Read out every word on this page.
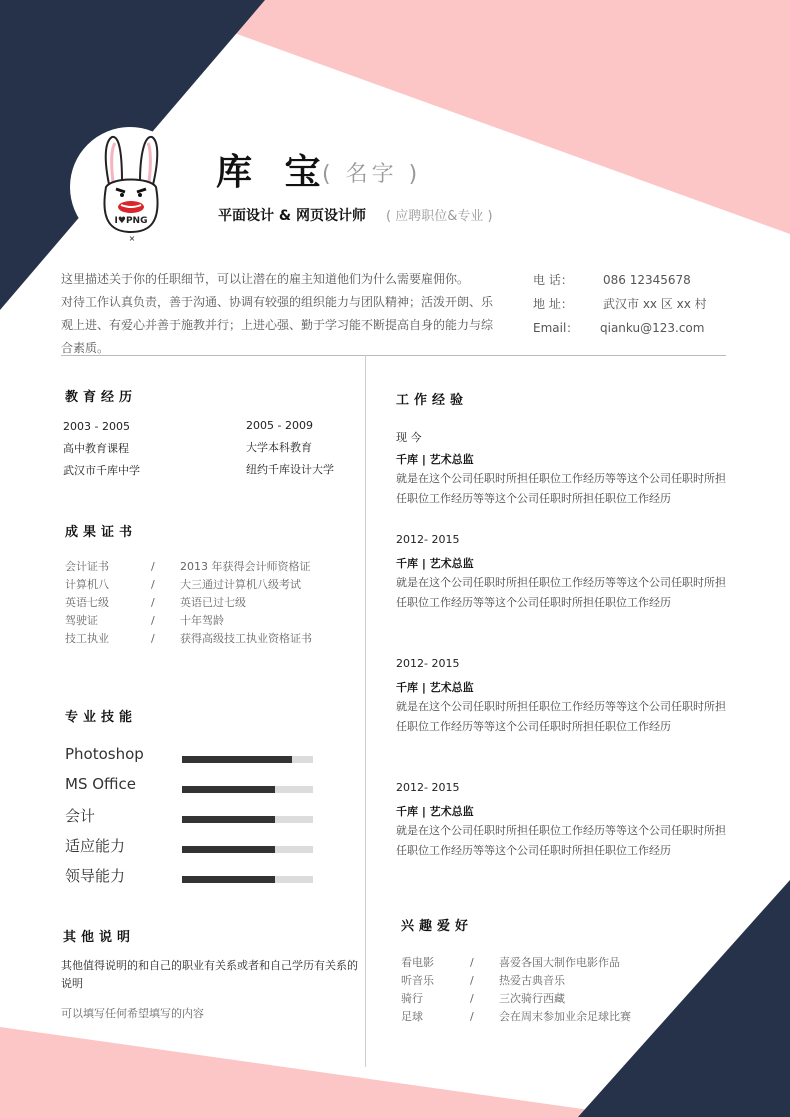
I♥PNG
×
库 宝
( 名字 )
平面设计 & 网页设计师 ( 应聘职位&专业 )

这里描述关于你的任职细节，可以让潜在的雇主知道他们为什么需要雇佣你。

对待工作认真负责，善于沟通、协调有较强的组织能力与团队精神；活泼开朗、乐

观上进、有爱心并善于施教并行；上进心强、勤于学习能不断提高自身的能力与综

合素质。

电 话：	086 12345678
地 址：	武汉市 xx 区 xx 村
Email： qianku@123.com
教育经历
2003 - 2005
高中教育课程
武汉市千库中学
2005 - 2009
大学本科教育
纽约千库设计大学
成果证书
会计证书	/ 2013 年获得会计师资格证
计算机八	/ 大三通过计算机八级考试
英语七级	/ 英语已过七级
驾驶证	/ 十年驾龄
技工执业	/ 获得高级技工执业资格证书
专业技能
Photoshop
MS Office
会计
适应能力
领导能力
其他说明
其他值得说明的和自己的职业有关系或者和自己学历有关系的说明
可以填写任何希望填写的内容
工作经验
现 今
千库 | 艺术总监
就是在这个公司任职时所担任职位工作经历等等这个公司任职时所担任职位工作经历等等这个公司任职时所担任职位工作经历
2012- 2015
千库 | 艺术总监
就是在这个公司任职时所担任职位工作经历等等这个公司任职时所担任职位工作经历等等这个公司任职时所担任职位工作经历
2012- 2015
千库 | 艺术总监
就是在这个公司任职时所担任职位工作经历等等这个公司任职时所担任职位工作经历等等这个公司任职时所担任职位工作经历
2012- 2015
千库 | 艺术总监
就是在这个公司任职时所担任职位工作经历等等这个公司任职时所担任职位工作经历等等这个公司任职时所担任职位工作经历
兴趣爱好
看电影	/ 喜爱各国大制作电影作品
听音乐	/ 热爱古典音乐
骑行	/ 三次骑行西藏
足球	/ 会在周末参加业余足球比赛
